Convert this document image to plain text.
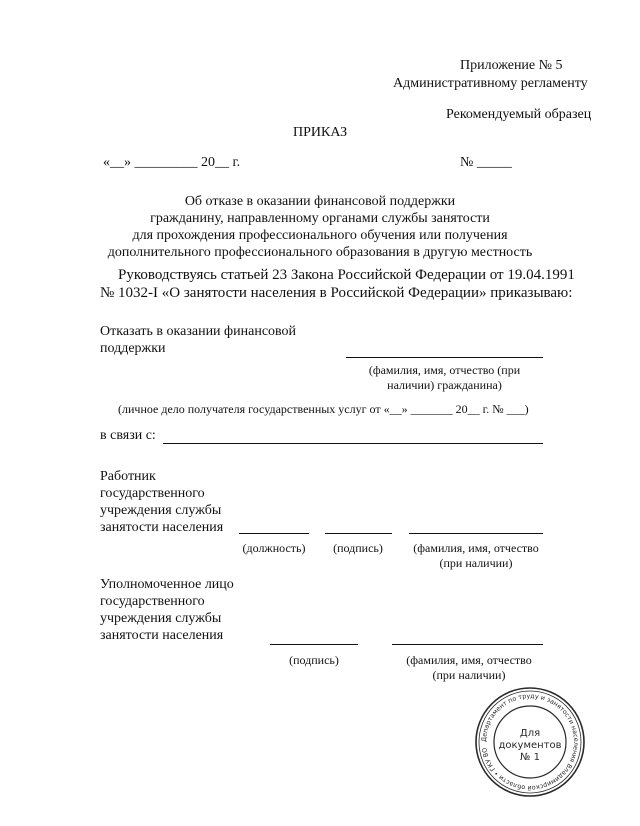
Приложение № 5
Административному регламенту
Рекомендуемый образец
ПРИКАЗ
«__» _________ 20__ г.	№ _____
Об отказе в оказании финансовой поддержки
гражданину, направленному органами службы занятости
для прохождения профессионального обучения или получения
дополнительного профессионального образования в другую местность
Руководствуясь статьей 23 Закона Российской Федерации от 19.04.1991
№ 1032-I «О занятости населения в Российской Федерации» приказываю:
Отказать в оказании финансовой
поддержки
(фамилия, имя, отчество (при
наличии) гражданина)
(личное дело получателя государственных услуг от «__» _______ 20__ г. № ___)
в связи с:
Работник
государственного
учреждения службы
занятости населения
(должность)	(подпись)	(фамилия, имя, отчество
(при наличии)
Уполномоченное лицо
государственного
учреждения службы
занятости населения
(подпись)	(фамилия, имя, отчество
(при наличии)
Департамент по труду и занятости населения Владимирской области • ГКУ ВО
Для
документов
№ 1
